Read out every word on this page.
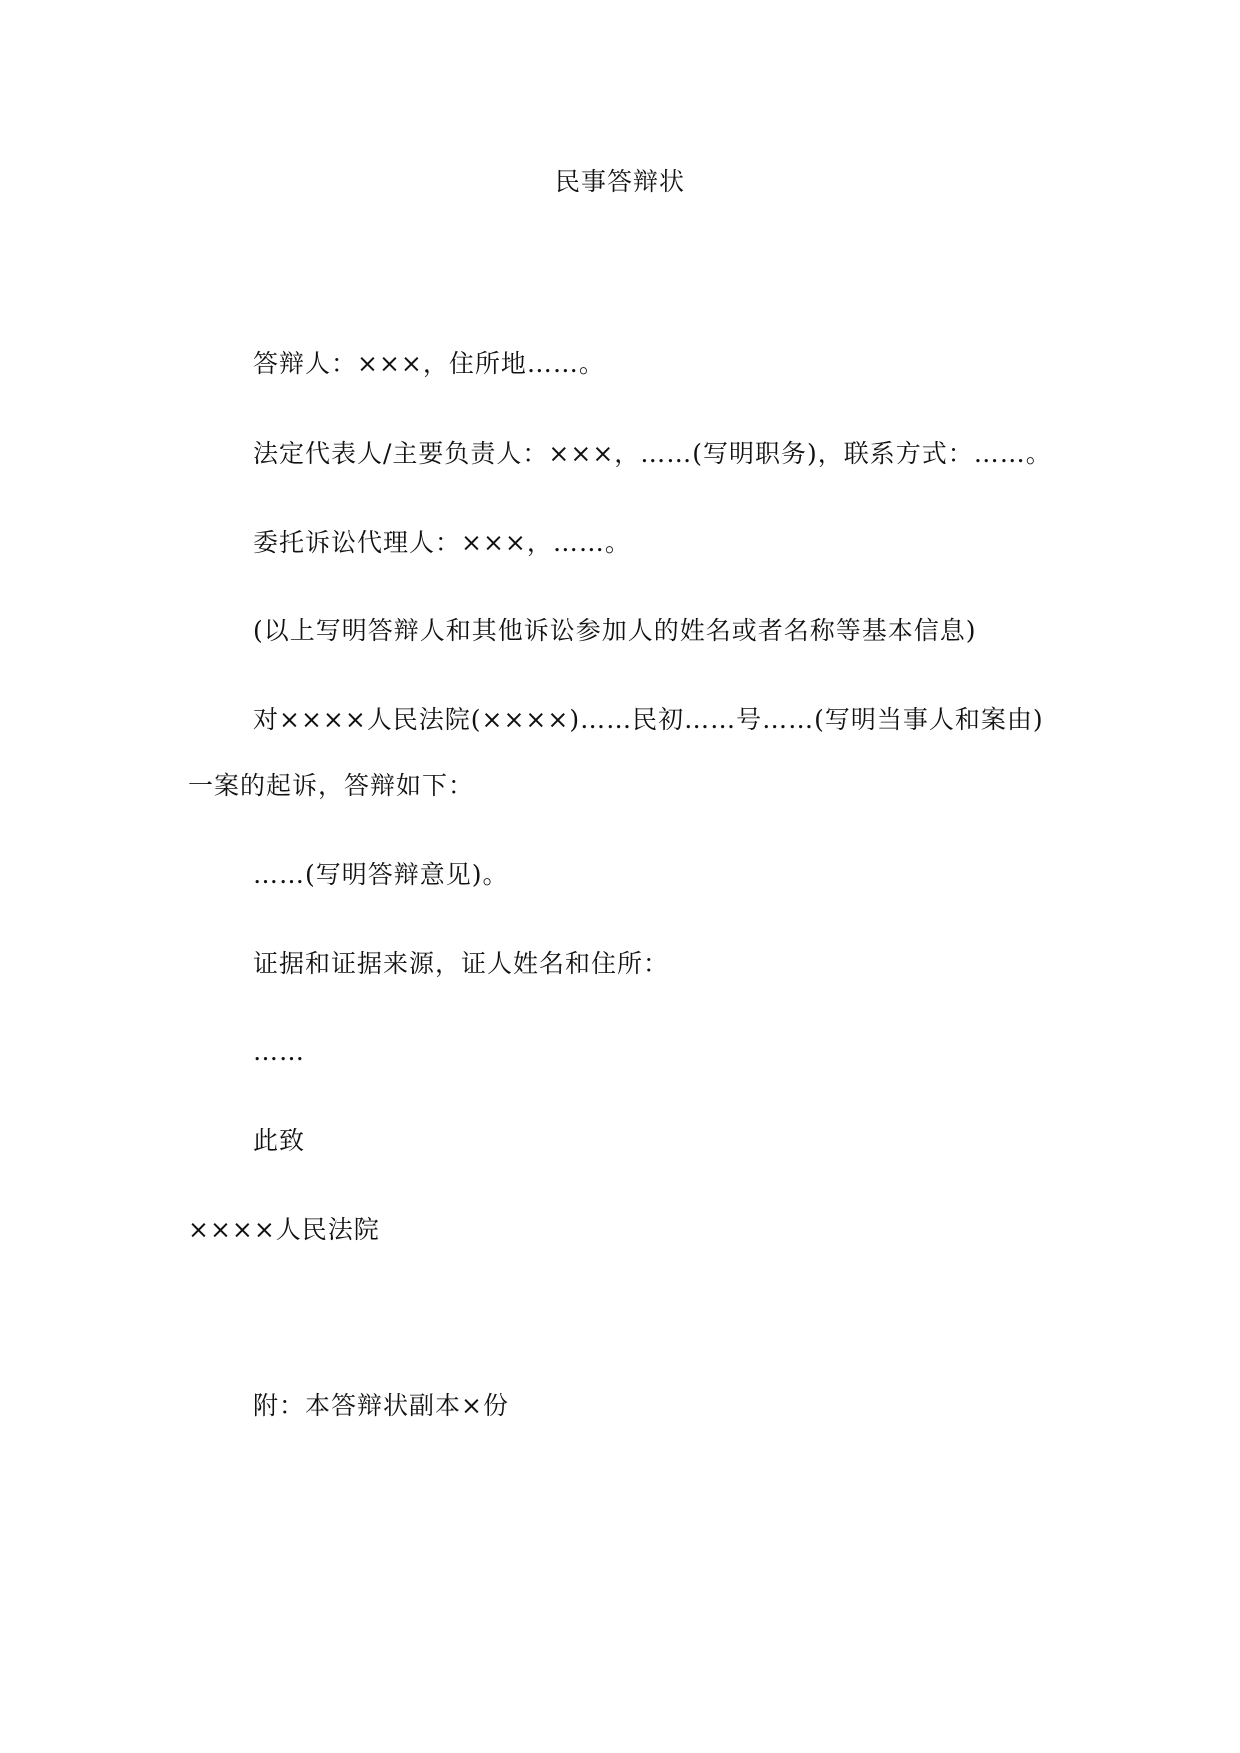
民事答辩状
答辩人：×××，住所地……。
法定代表人/主要负责人：×××，……(写明职务)，联系方式：……。
委托诉讼代理人：×××，……。
(以上写明答辩人和其他诉讼参加人的姓名或者名称等基本信息)
对××××人民法院(××××)……民初……号……(写明当事人和案由)
一案的起诉，答辩如下：
……(写明答辩意见)。
证据和证据来源，证人姓名和住所：
……
此致
××××人民法院
附：本答辩状副本×份
